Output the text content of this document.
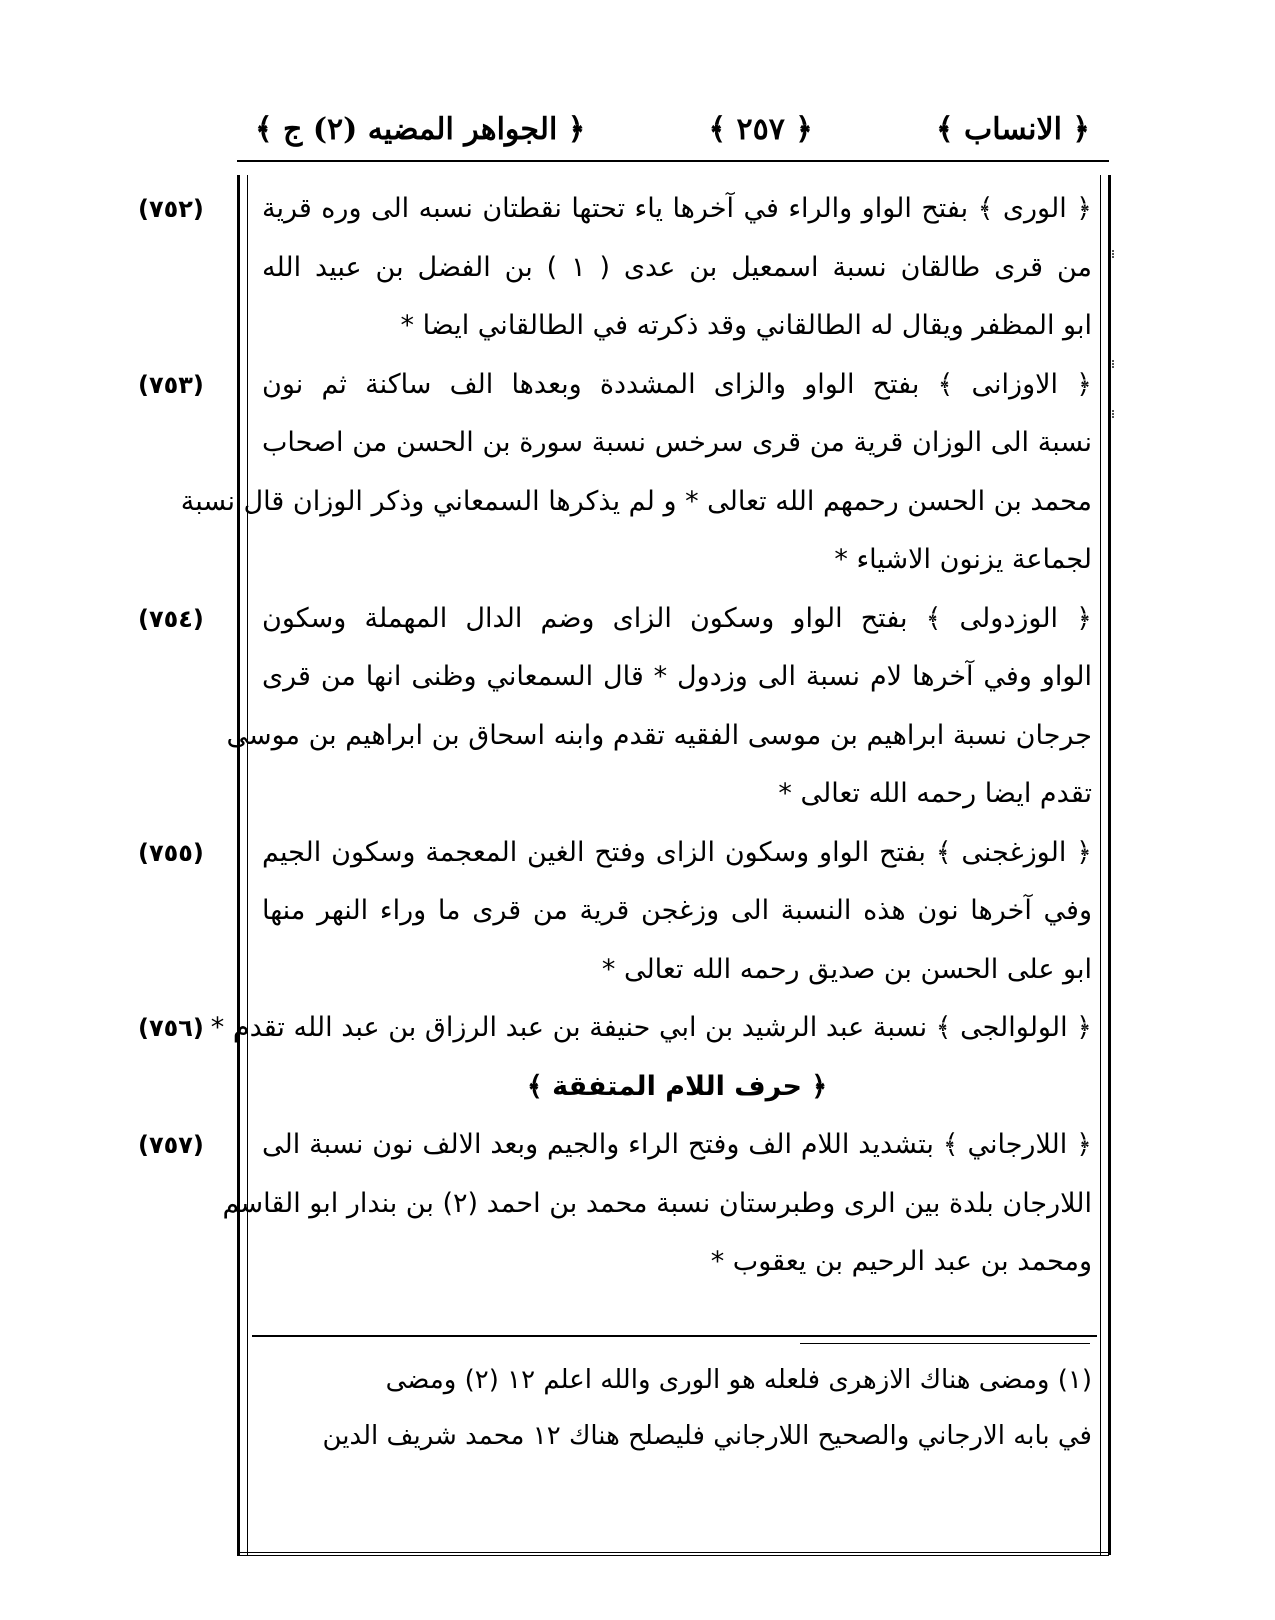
﴿ الانساب ﴾
﴿ ٢٥٧ ﴾
﴿ الجواهر المضيه (٢) ج ﴾
﴿ الورى ﴾ بفتح الواو والراء في آخرها ياء تحتها نقطتان نسبه الى وره قرية
من قرى طالقان نسبة اسمعيل بن عدى ( ١ ) بن الفضل بن عبيد الله
ابو المظفر ويقال له الطالقاني وقد ذكرته في الطالقاني ايضا *
﴿ الاوزانى ﴾ بفتح الواو والزاى المشددة وبعدها الف ساكنة ثم نون
نسبة الى الوزان قرية من قرى سرخس نسبة سورة بن الحسن من اصحاب
محمد بن الحسن رحمهم الله تعالى * و لم يذكرها السمعاني وذكر الوزان قال نسبة
لجماعة يزنون الاشياء *
﴿ الوزدولى ﴾ بفتح الواو وسكون الزاى وضم الدال المهملة وسكون
الواو وفي آخرها لام نسبة الى وزدول * قال السمعاني وظنى انها من قرى
جرجان نسبة ابراهيم بن موسى الفقيه تقدم وابنه اسحاق بن ابراهيم بن موسى
تقدم ايضا رحمه الله تعالى *
﴿ الوزغجنى ﴾ بفتح الواو وسكون الزاى وفتح الغين المعجمة وسكون الجيم
وفي آخرها نون هذه النسبة الى وزغجن قرية من قرى ما وراء النهر منها
ابو على الحسن بن صديق رحمه الله تعالى *
﴿ الولوالجى ﴾ نسبة عبد الرشيد بن ابي حنيفة بن عبد الرزاق بن عبد الله تقدم *
﴿ حرف اللام المتفقة ﴾
﴿ اللارجاني ﴾ بتشديد اللام الف وفتح الراء والجيم وبعد الالف نون نسبة الى
اللارجان بلدة بين الرى وطبرستان نسبة محمد بن احمد (٢) بن بندار ابو القاسم
ومحمد بن عبد الرحيم بن يعقوب *
(٧٥٢)
(٧٥٣)
(٧٥٤)
(٧٥٥)
(٧٥٦)
(٧٥٧)
(١) ومضى هناك الازهرى فلعله هو الورى والله اعلم ١٢ (٢) ومضى
في بابه الارجاني والصحيح اللارجاني فليصلح هناك ١٢ محمد شريف الدين
